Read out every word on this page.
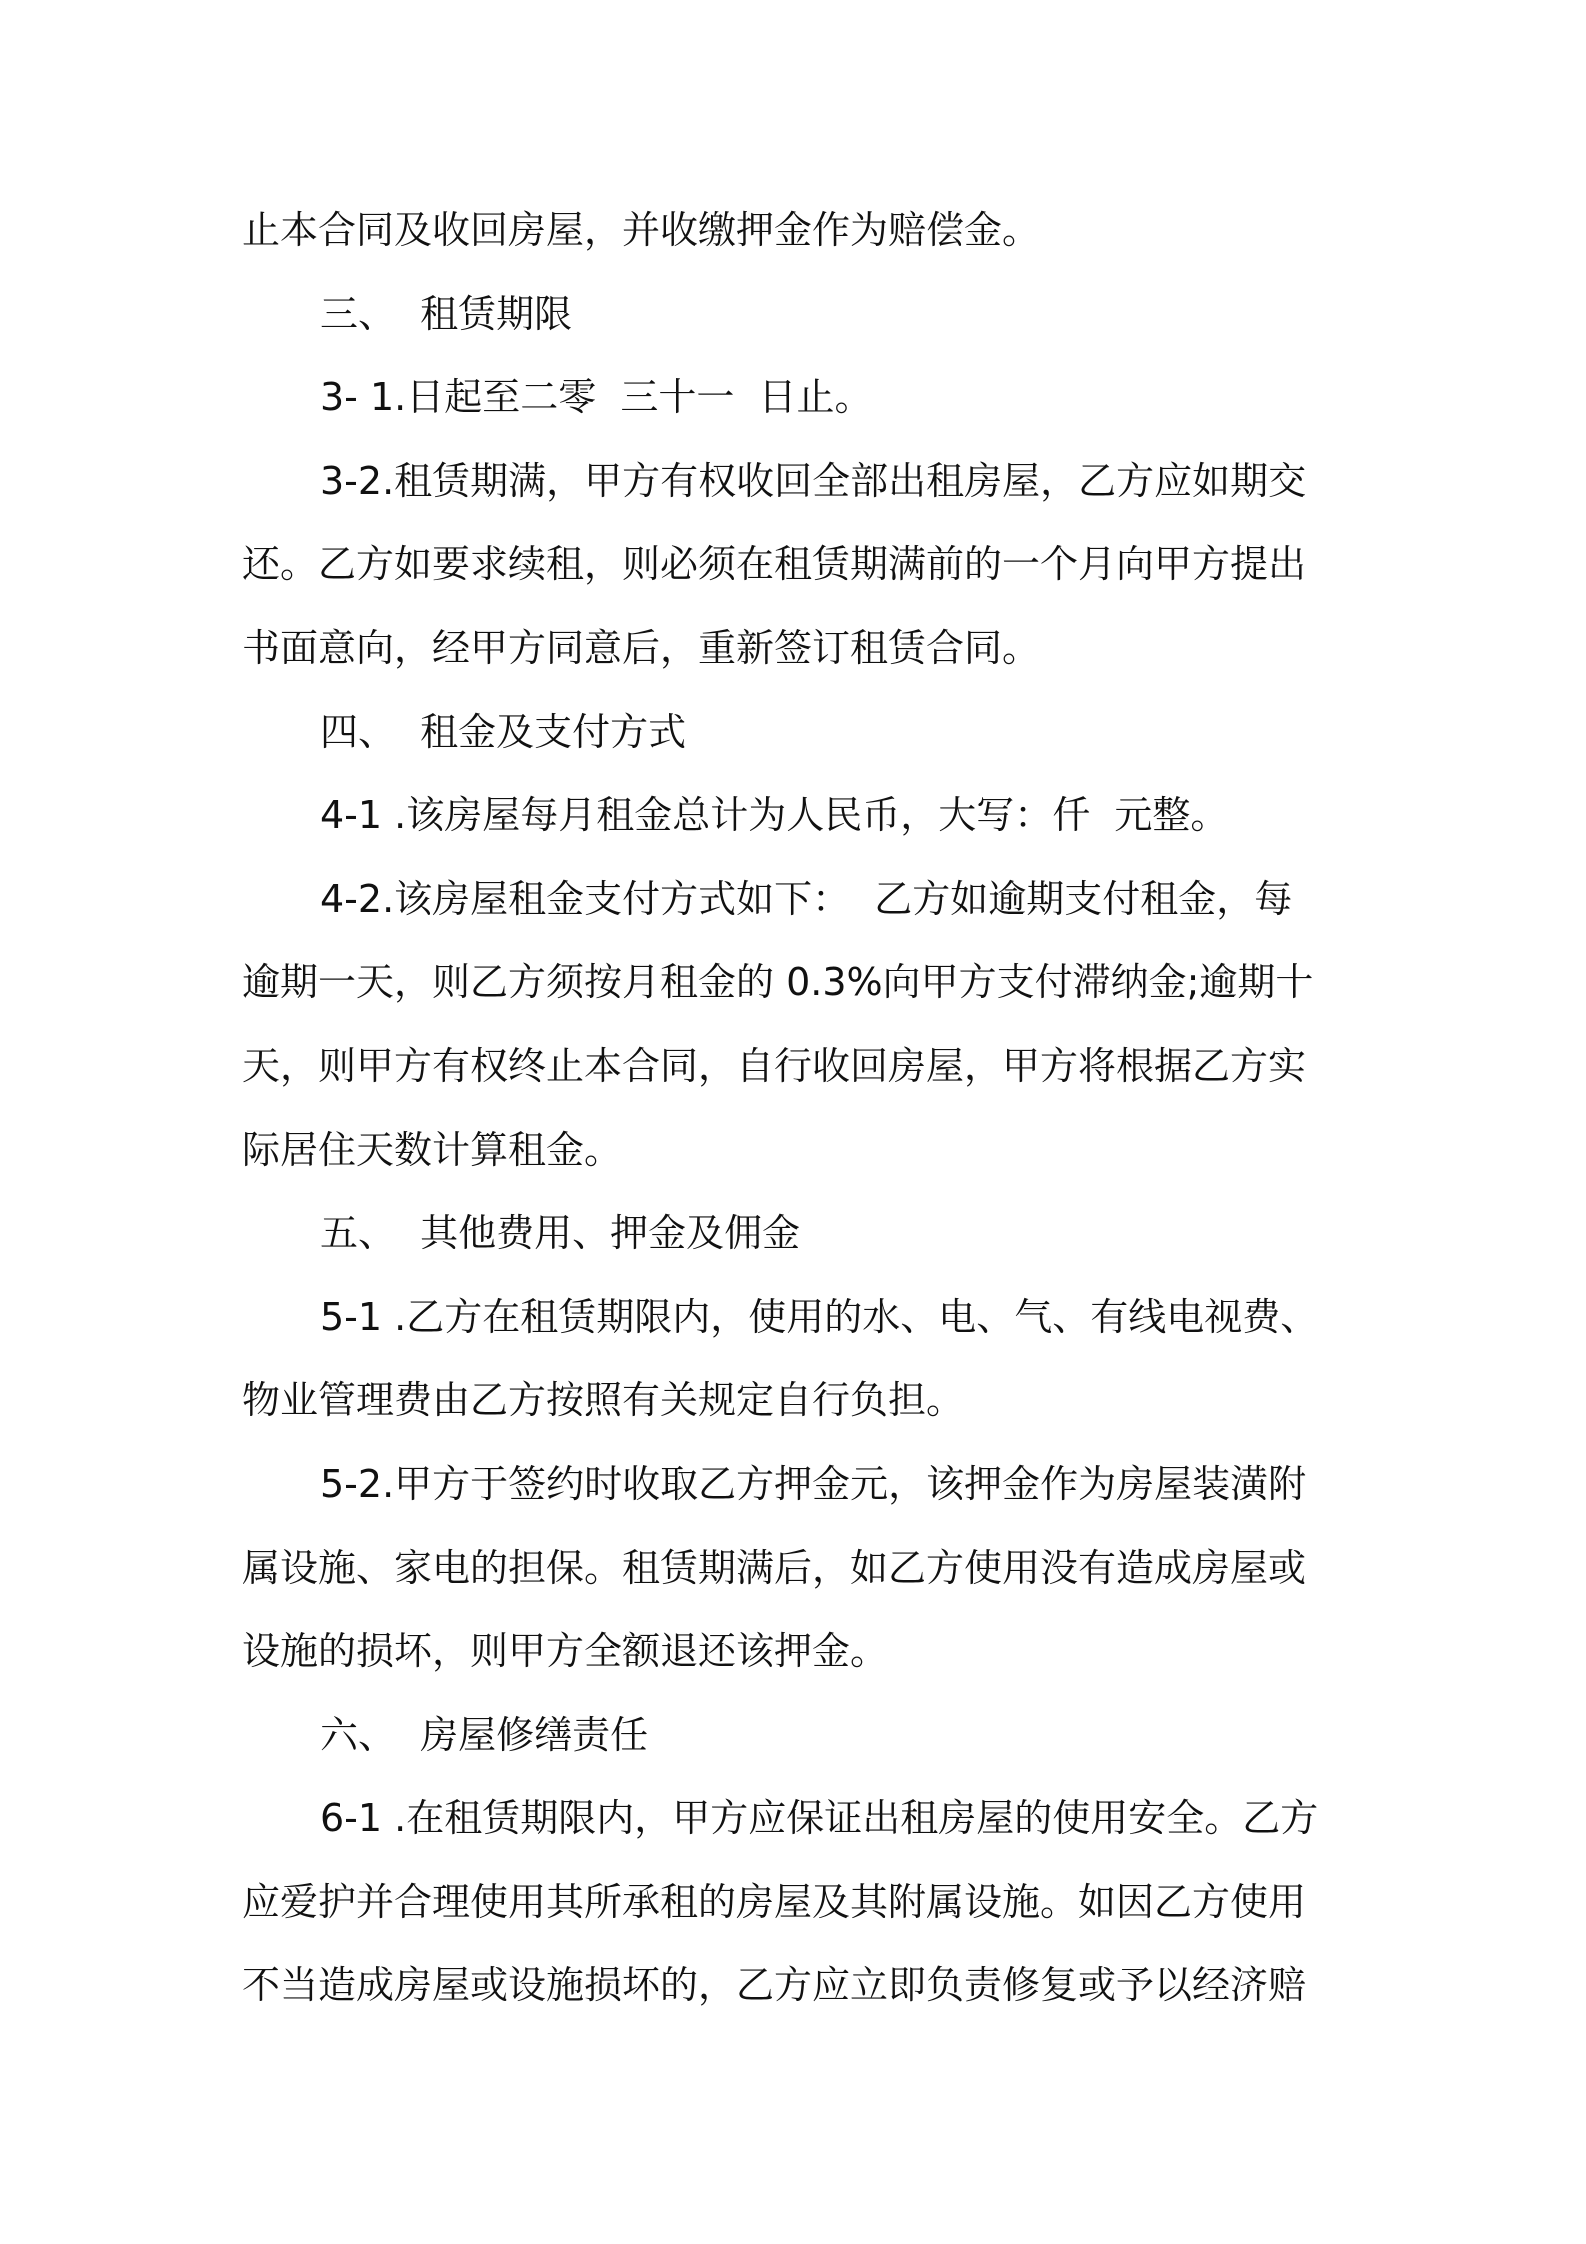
止本合同及收回房屋，并收缴押金作为赔偿金。
三、  租赁期限
3- 1.日起至二零  三十一  日止。
3-2.租赁期满，甲方有权收回全部出租房屋，乙方应如期交
还。乙方如要求续租，则必须在租赁期满前的一个月向甲方提出
书面意向，经甲方同意后，重新签订租赁合同。
四、  租金及支付方式
4-1 .该房屋每月租金总计为人民币，大写：仟  元整。
4-2.该房屋租金支付方式如下：  乙方如逾期支付租金，每
逾期一天，则乙方须按月租金的 0.3%向甲方支付滞纳金;逾期十
天，则甲方有权终止本合同，自行收回房屋，甲方将根据乙方实
际居住天数计算租金。
五、  其他费用、押金及佣金
5-1 .乙方在租赁期限内，使用的水、电、气、有线电视费、
物业管理费由乙方按照有关规定自行负担。
5-2.甲方于签约时收取乙方押金元，该押金作为房屋装潢附
属设施、家电的担保。租赁期满后，如乙方使用没有造成房屋或
设施的损坏，则甲方全额退还该押金。
六、  房屋修缮责任
6-1 .在租赁期限内，甲方应保证出租房屋的使用安全。乙方
应爱护并合理使用其所承租的房屋及其附属设施。如因乙方使用
不当造成房屋或设施损坏的，乙方应立即负责修复或予以经济赔
